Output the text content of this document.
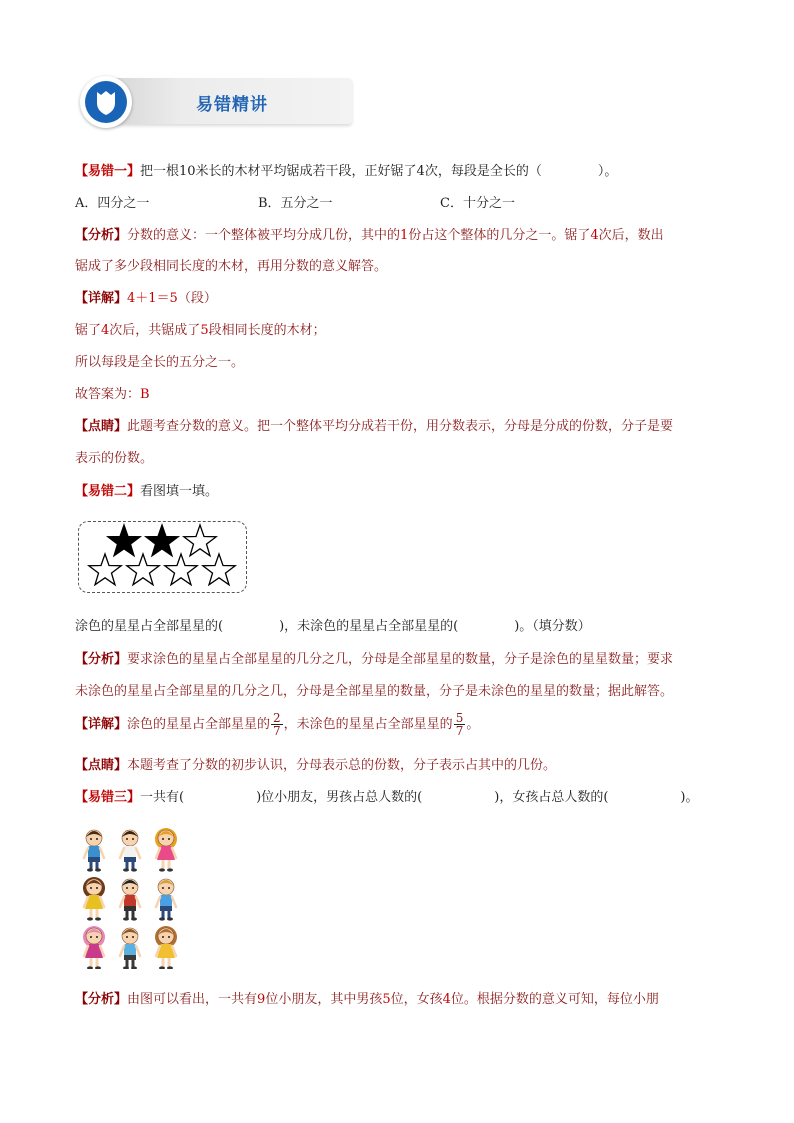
易错精讲
【易错一】把一根10米长的木材平均锯成若干段，正好锯了4次，每段是全长的（	）。
A．四分之一	B．五分之一	C．十分之一
【分析】分数的意义：一个整体被平均分成几份，其中的1份占这个整体的几分之一。锯了4次后，数出
锯成了多少段相同长度的木材，再用分数的意义解答。
【详解】4＋1＝5（段）
锯了4次后，共锯成了5段相同长度的木材；
所以每段是全长的五分之一。
故答案为：B
【点睛】此题考查分数的意义。把一个整体平均分成若干份，用分数表示，分母是分成的份数，分子是要
表示的份数。
【易错二】看图填一填。
涂色的星星占全部星星的(	)，未涂色的星星占全部星星的(	)。（填分数）
【分析】要求涂色的星星占全部星星的几分之几，分母是全部星星的数量，分子是涂色的星星数量；要求
未涂色的星星占全部星星的几分之几，分母是全部星星的数量，分子是未涂色的星星的数量；据此解答。
【详解】涂色的星星占全部星星的 $\frac{2}{7}$ ，未涂色的星星占全部星星的 $\frac{5}{7}$ 。
【点睛】本题考查了分数的初步认识，分母表示总的份数，分子表示占其中的几份。
【易错三】一共有(	)位小朋友，男孩占总人数的(	)，女孩占总人数的(	)。
【分析】由图可以看出，一共有9位小朋友，其中男孩5位，女孩4位。根据分数的意义可知，每位小朋
